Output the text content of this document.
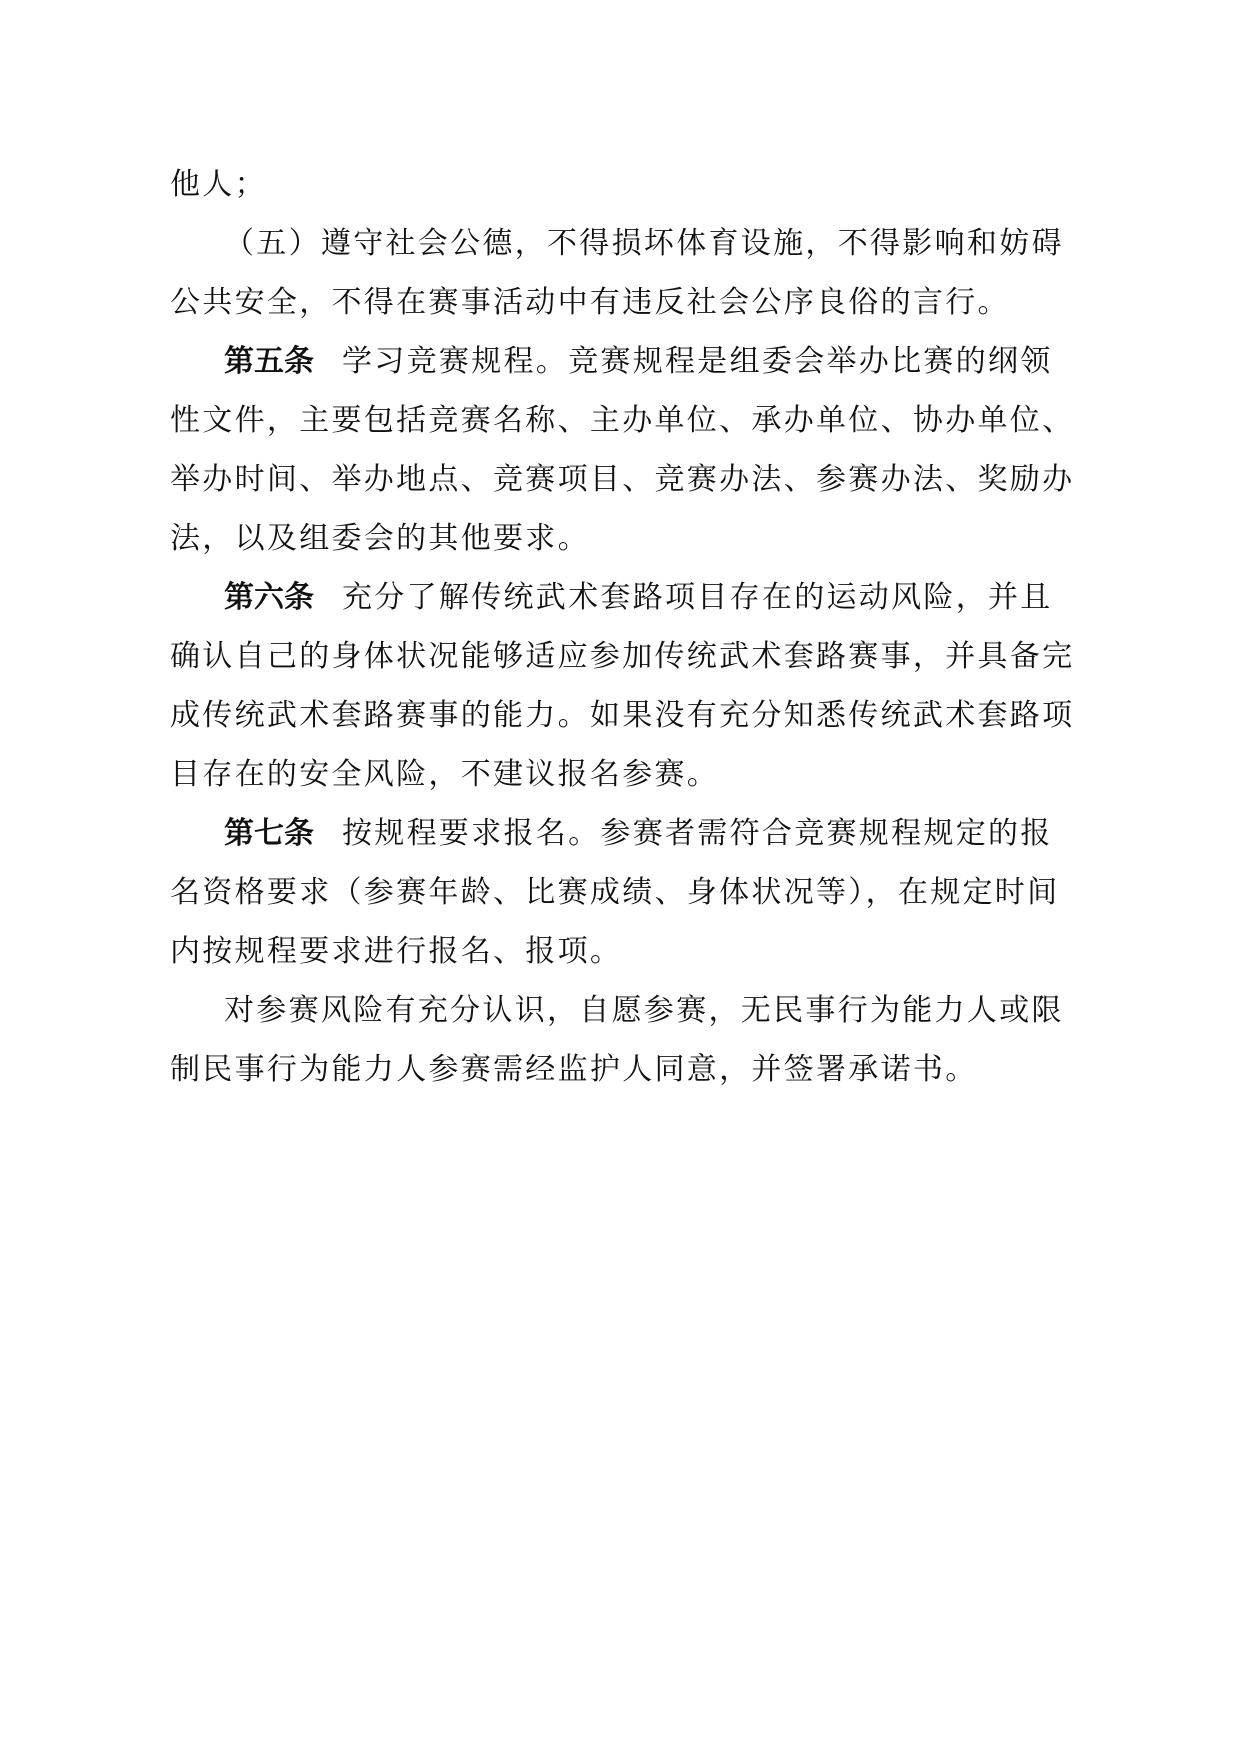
他人；
（五）遵守社会公德，不得损坏体育设施，不得影响和妨碍
公共安全，不得在赛事活动中有违反社会公序良俗的言行。
第五条 学习竞赛规程。竞赛规程是组委会举办比赛的纲领
性文件，主要包括竞赛名称、主办单位、承办单位、协办单位、
举办时间、举办地点、竞赛项目、竞赛办法、参赛办法、奖励办
法，以及组委会的其他要求。
第六条 充分了解传统武术套路项目存在的运动风险，并且
确认自己的身体状况能够适应参加传统武术套路赛事，并具备完
成传统武术套路赛事的能力。如果没有充分知悉传统武术套路项
目存在的安全风险，不建议报名参赛。
第七条 按规程要求报名。参赛者需符合竞赛规程规定的报
名资格要求（参赛年龄、比赛成绩、身体状况等），在规定时间
内按规程要求进行报名、报项。
对参赛风险有充分认识，自愿参赛，无民事行为能力人或限
制民事行为能力人参赛需经监护人同意，并签署承诺书。
